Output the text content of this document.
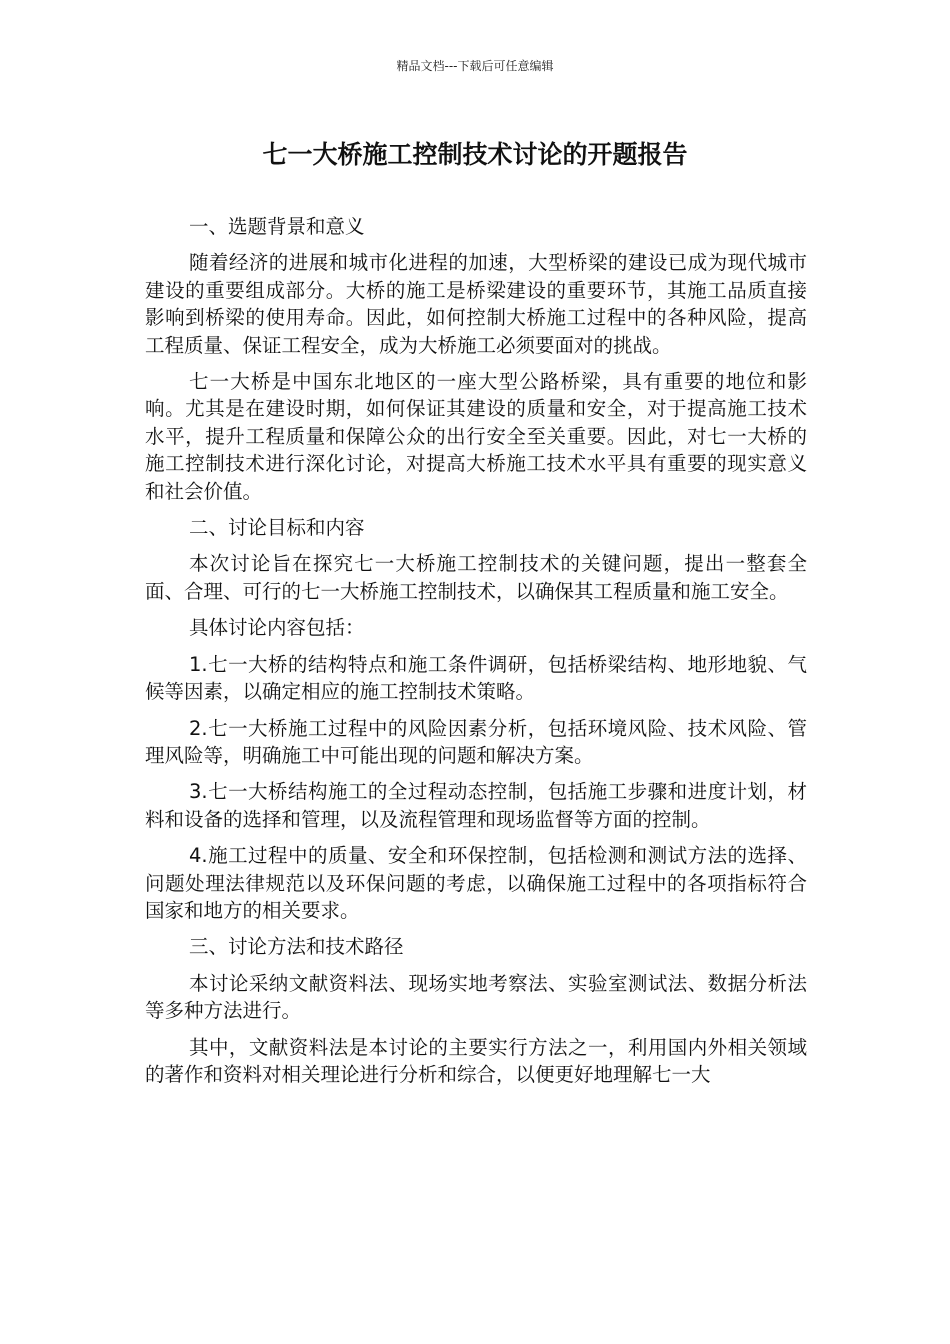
精品文档---下载后可任意编辑
七一大桥施工控制技术讨论的开题报告

一、选题背景和意义

随着经济的进展和城市化进程的加速，大型桥梁的建设已成为现代城市建设的重要组成部分。大桥的施工是桥梁建设的重要环节，其施工品质直接影响到桥梁的使用寿命。因此，如何控制大桥施工过程中的各种风险，提高工程质量、保证工程安全，成为大桥施工必须要面对的挑战。

七一大桥是中国东北地区的一座大型公路桥梁，具有重要的地位和影响。尤其是在建设时期，如何保证其建设的质量和安全，对于提高施工技术水平，提升工程质量和保障公众的出行安全至关重要。因此，对七一大桥的施工控制技术进行深化讨论，对提高大桥施工技术水平具有重要的现实意义和社会价值。

二、讨论目标和内容

本次讨论旨在探究七一大桥施工控制技术的关键问题，提出一整套全面、合理、可行的七一大桥施工控制技术，以确保其工程质量和施工安全。

具体讨论内容包括：

1.七一大桥的结构特点和施工条件调研，包括桥梁结构、地形地貌、气候等因素，以确定相应的施工控制技术策略。

2.七一大桥施工过程中的风险因素分析，包括环境风险、技术风险、管理风险等，明确施工中可能出现的问题和解决方案。

3.七一大桥结构施工的全过程动态控制，包括施工步骤和进度计划，材料和设备的选择和管理，以及流程管理和现场监督等方面的控制。

4.施工过程中的质量、安全和环保控制，包括检测和测试方法的选择、问题处理法律规范以及环保问题的考虑，以确保施工过程中的各项指标符合国家和地方的相关要求。

三、讨论方法和技术路径

本讨论采纳文献资料法、现场实地考察法、实验室测试法、数据分析法等多种方法进行。

其中，文献资料法是本讨论的主要实行方法之一，利用国内外相关领域的著作和资料对相关理论进行分析和综合，以便更好地理解七一大
